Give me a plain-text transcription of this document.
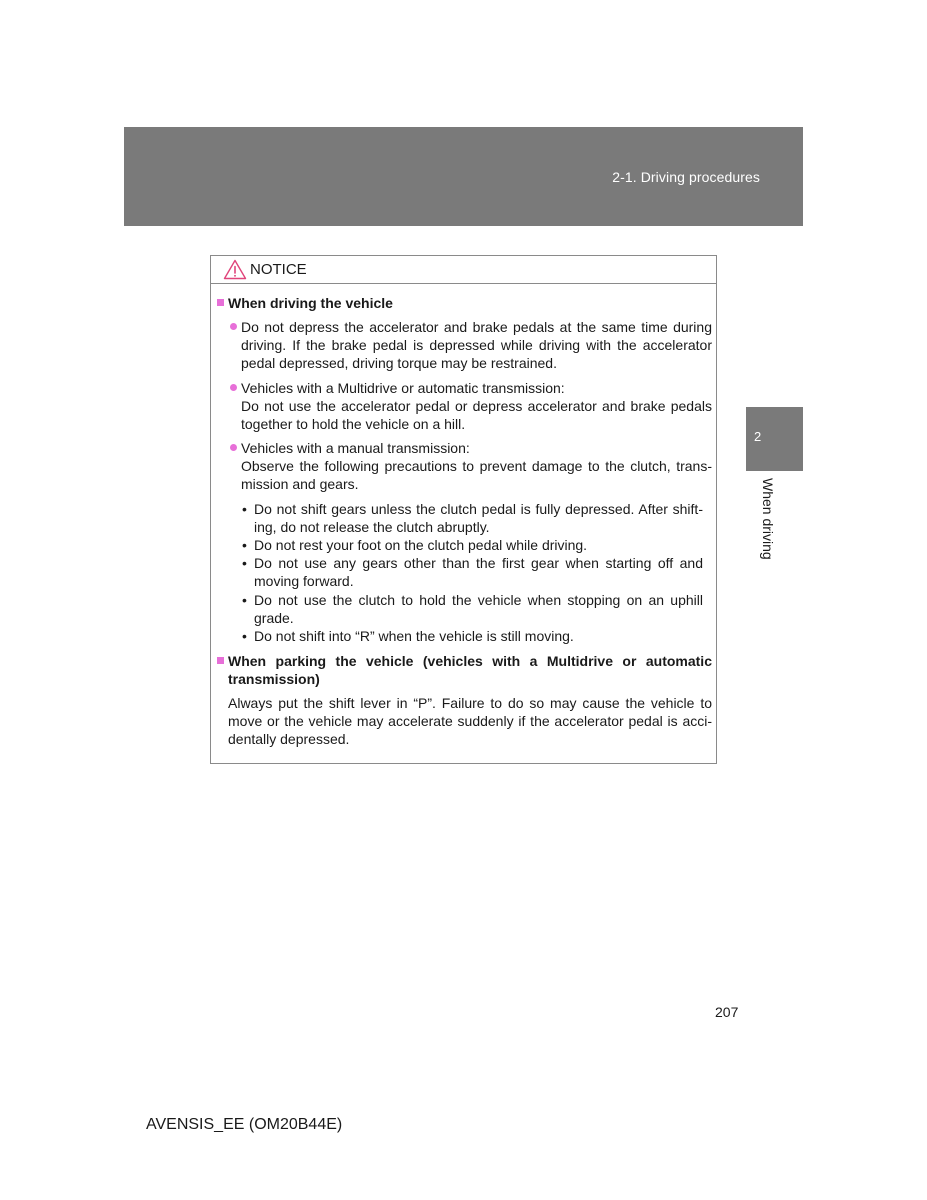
2-1. Driving procedures
2
When driving
NOTICE
When driving the vehicle
Do not depress the accelerator and brake pedals at the same time during driving. If the brake pedal is depressed while driving with the accelerator pedal depressed, driving torque may be restrained.
Vehicles with a Multidrive or automatic transmission:
Do not use the accelerator pedal or depress accelerator and brake pedals together to hold the vehicle on a hill.
Vehicles with a manual transmission:
Observe the following precautions to prevent damage to the clutch, trans-mission and gears.
• Do not shift gears unless the clutch pedal is fully depressed. After shift-ing, do not release the clutch abruptly.
• Do not rest your foot on the clutch pedal while driving.
• Do not use any gears other than the first gear when starting off and moving forward.
• Do not use the clutch to hold the vehicle when stopping on an uphill grade.
• Do not shift into “R” when the vehicle is still moving.
When parking the vehicle (vehicles with a Multidrive or automatic transmission)
Always put the shift lever in “P”. Failure to do so may cause the vehicle to move or the vehicle may accelerate suddenly if the accelerator pedal is acci-dentally depressed.
207
AVENSIS_EE (OM20B44E)
